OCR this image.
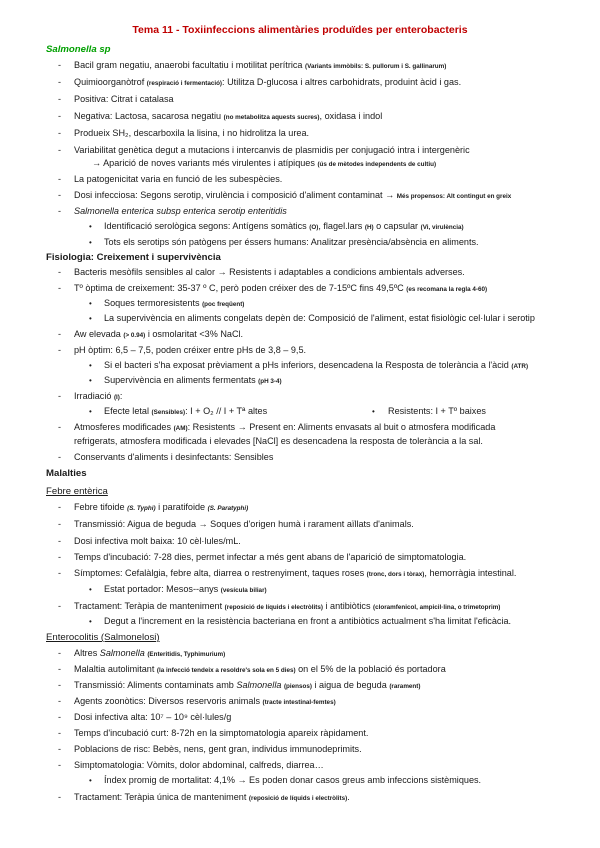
Tema 11 - Toxiinfeccions alimentàries produïdes per enterobacteris
Salmonella sp
- Bacil gram negatiu, anaerobi facultatiu i motilitat perítrica (Variants immòbils: S. pullorum i S. gallinarum)
- Quimioorganòtrof (respiració i fermentació): Utilitza D-glucosa i altres carbohidrats, produint àcid i gas.
- Positiva: Citrat i catalasa
- Negativa: Lactosa, sacarosa negatiu (no metabolitza aquests sucres), oxidasa i indol
- Produeix SH₂, descarboxila la lisina, i no hidrolitza la urea.
- Variabilitat genètica degut a mutacions i intercanvis de plasmidis per conjugació intra i intergenèric
→ Aparició de noves variants més virulentes i atípiques (ús de mètodes independents de cultiu)
- La patogenicitat varia en funció de les subespècies.
- Dosi infecciosa: Segons serotip, virulència i composició d'aliment contaminat → Més propensos: Alt contingut en greix
- Salmonella enterica subsp enterica serotip enteritidis
• Identificació serològica segons: Antígens somàtics (O), flagel.lars (H) o capsular (Vi, virulència)
• Tots els serotips són patògens per éssers humans: Analitzar presència/absència en aliments.
Fisiologia: Creixement i supervivència
- Bacteris mesòfils sensibles al calor → Resistents i adaptables a condicions ambientals adverses.
- Tº òptima de creixement: 35-37 º C, però poden créixer des de 7-15ºC fins 49,5ºC (es recomana la regla 4-60)
• Soques termoresistents (poc freqüent)
• La supervivència en aliments congelats depèn de: Composició de l'aliment, estat fisiològic cel·lular i serotip
- Aw elevada (> 0.94) i osmolaritat <3% NaCl.
- pH òptim: 6,5 – 7,5, poden créixer entre pHs de 3,8 – 9,5.
• Si el bacteri s'ha exposat prèviament a pHs inferiors, desencadena la Resposta de tolerància a l'àcid (ATR)
• Supervivència en aliments fermentats (pH 3-4)
- Irradiació (I):
• Efecte letal (Sensibles): I + O₂ // I + Tª altes	• Resistents: I + Tº baixes
- Atmosferes modificades (AM): Resistents → Present en: Aliments envasats al buit o atmosfera modificada
refrigerats, atmosfera modificada i elevades [NaCl] es desencadena la resposta de tolerància a la sal.
- Conservants d'aliments i desinfectants: Sensibles
Malalties
Febre entèrica
- Febre tifoide (S. Typhi) i paratifoide (S. Paratyphi)
- Transmissió: Aigua de beguda → Soques d'origen humà i rarament aïllats d'animals.
- Dosi infectiva molt baixa: 10 cèl·lules/mL.
- Temps d'incubació: 7-28 dies, permet infectar a més gent abans de l'aparició de simptomatologia.
- Símptomes: Cefalàlgia, febre alta, diarrea o restrenyiment, taques roses (tronc, dors i tòrax), hemorràgia intestinal.
• Estat portador: Mesos--anys (vesícula biliar)
- Tractament: Teràpia de manteniment (reposició de líquids i electròlits) i antibiòtics (cloramfenicol, ampicil·lina, o trimetoprim)
• Degut a l'increment en la resistència bacteriana en front a antibiòtics actualment s'ha limitat l'eficàcia.
Enterocolitis (Salmonelosi)
- Altres Salmonella (Enteritidis, Typhimurium)
- Malaltia autolimitant (la infecció tendeix a resoldre's sola en 5 dies) on el 5% de la població és portadora
- Transmissió: Aliments contaminats amb Salmonella (piensos) i aigua de beguda (rarament)
- Agents zoonòtics: Diversos reservoris animals (tracte intestinal-femtes)
- Dosi infectiva alta: 10⁷ – 10⁹ cèl·lules/g
- Temps d'incubació curt: 8-72h en la simptomatologia apareix ràpidament.
- Poblacions de risc: Bebès, nens, gent gran, individus immunodeprimits.
- Simptomatologia: Vòmits, dolor abdominal, calfreds, diarrea…
• Índex promig de mortalitat: 4,1% → Es poden donar casos greus amb infeccions sistèmiques.
- Tractament: Teràpia única de manteniment (reposició de líquids i electròlits).
